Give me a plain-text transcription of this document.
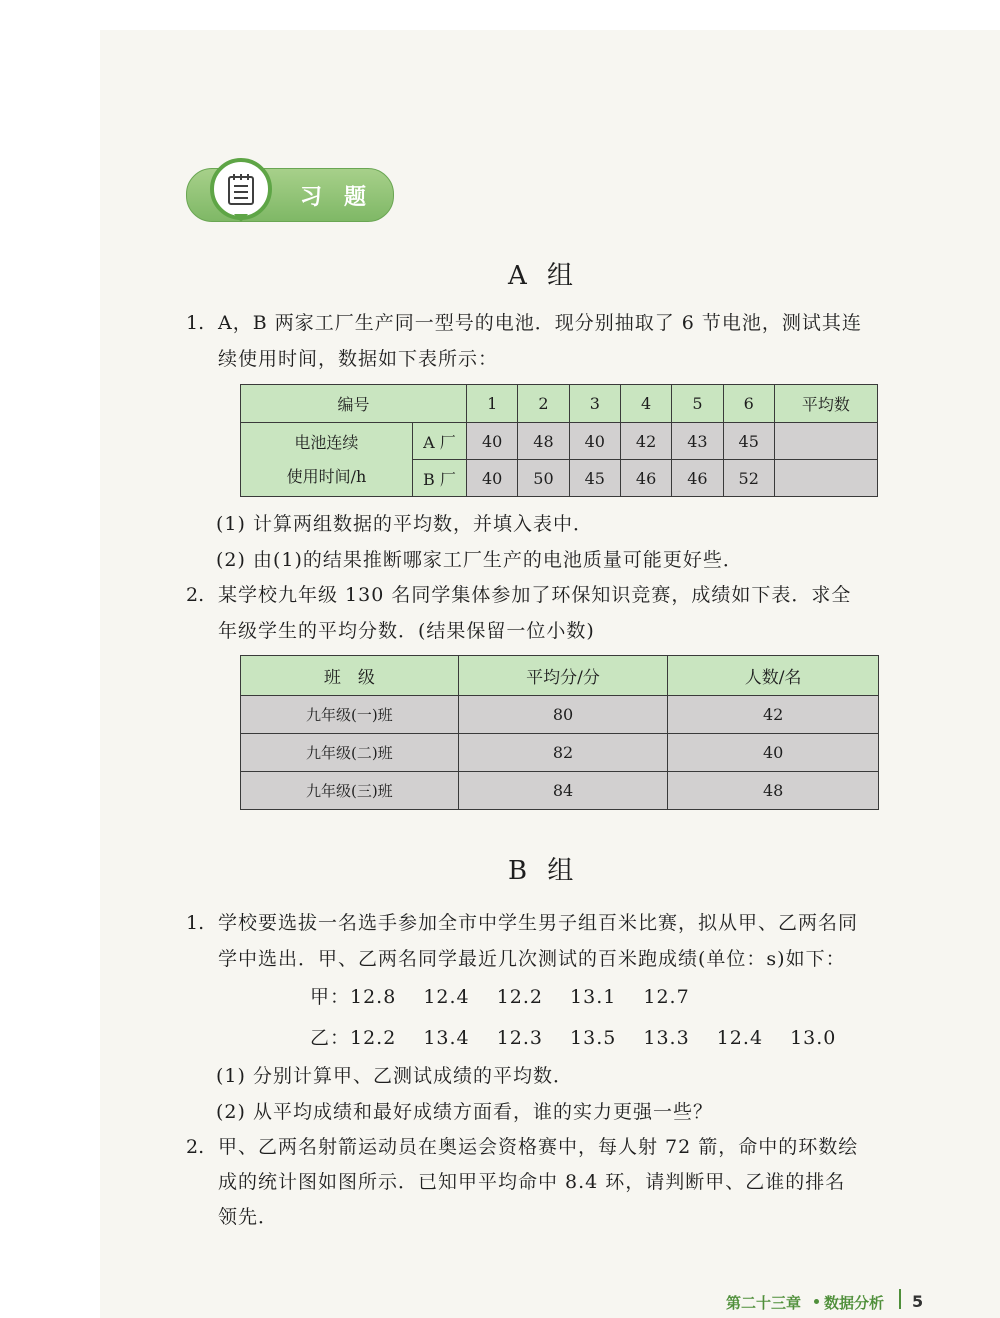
习题
A 组
1. A，B 两家工厂生产同一型号的电池．现分别抽取了 6 节电池，测试其连
续使用时间，数据如下表所示：
编号		1	2	3	4	5	6	平均数

电池连续
使用时间/h	A 厂	40	48	40	42	43	45	
	B 厂	40	50	45	46	46	52	
(1) 计算两组数据的平均数，并填入表中．
(2) 由(1)的结果推断哪家工厂生产的电池质量可能更好些．
2. 某学校九年级 130 名同学集体参加了环保知识竞赛，成绩如下表．求全
年级学生的平均分数．(结果保留一位小数)
班　级	平均分/分	人数/名
九年级(一)班	80	42
九年级(二)班	82	40
九年级(三)班	84	48
B 组
1. 学校要选拔一名选手参加全市中学生男子组百米比赛，拟从甲、乙两名同
学中选出．甲、乙两名同学最近几次测试的百米跑成绩(单位：s)如下：
甲：12.8　 12.4　 12.2　 13.1　 12.7
乙：12.2　 13.4　 12.3　 13.5　 13.3　 12.4　 13.0
(1) 分别计算甲、乙测试成绩的平均数．
(2) 从平均成绩和最好成绩方面看，谁的实力更强一些？
2. 甲、乙两名射箭运动员在奥运会资格赛中，每人射 72 箭，命中的环数绘
成的统计图如图所示．已知甲平均命中 8.4 环，请判断甲、乙谁的排名
领先．
第二十三章 数据分析 5
